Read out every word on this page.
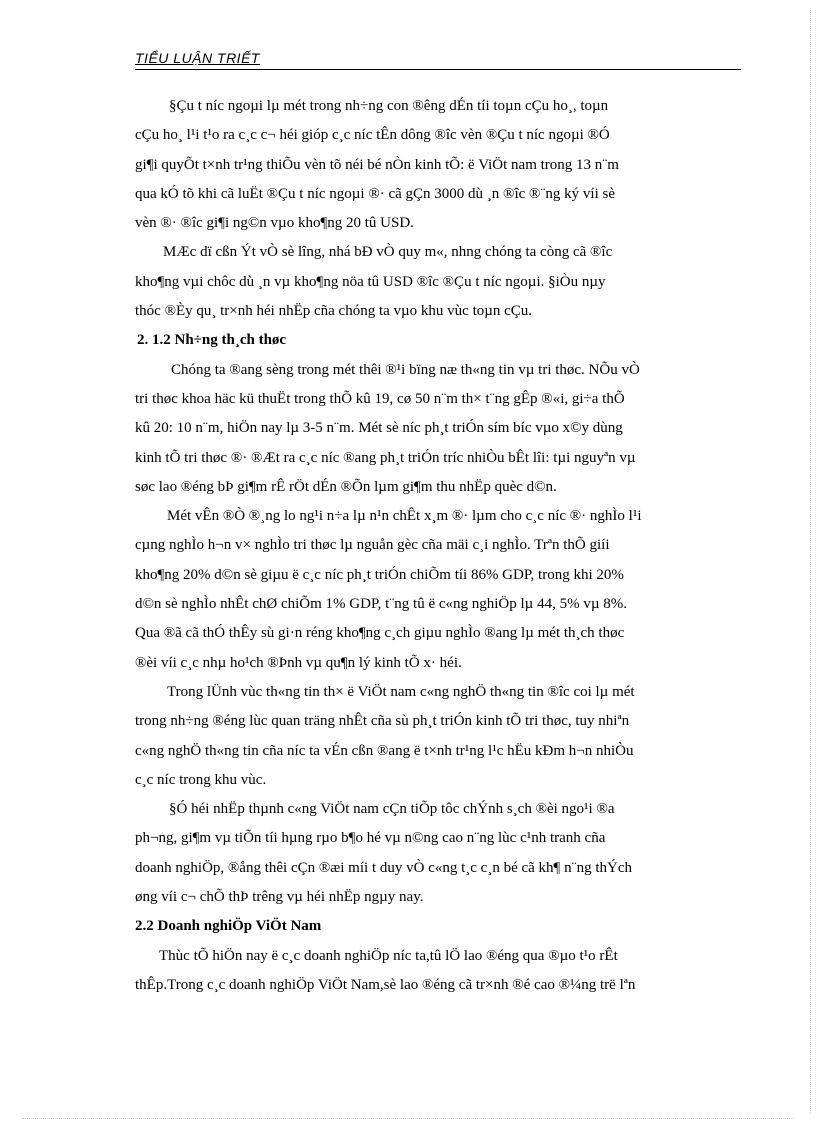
TIỂU LUẬN TRIẾT
§Çu t níc ngoµi lµ mét trong nh÷ng con ®êng dÉn tíi toµn cÇu ho¸, toµn
cÇu ho¸ l¹i t¹o ra c¸c c¬ héi gióp c¸c níc tÊn dông ®îc vèn ®Çu t níc ngoµi ®Ó
gi¶i quyÕt t×nh tr¹ng thiÕu vèn tõ néi bé nÒn kinh tÕ: ë ViÖt nam trong 13 n¨m
qua kÓ tõ khi cã luËt ®Çu t níc ngoµi ®· cã gÇn 3000 dù ¸n ®îc ®¨ng ký víi sè
vèn ®· ®îc gi¶i ng©n vµo kho¶ng 20 tû USD.
MÆc dï cßn Ýt vÒ sè lîng, nhá bÐ vÒ quy m«, nhng chóng ta còng cã ®îc
kho¶ng vµi chôc dù ¸n vµ kho¶ng nöa tû USD ®îc ®Çu t níc ngoµi. §iÒu nµy
thóc ®Èy qu¸ tr×nh héi nhËp cña chóng ta vµo khu vùc toµn cÇu.
2. 1.2 Nh÷ng th¸ch thøc
Chóng ta ®ang sèng trong mét thêi ®¹i bïng næ th«ng tin vµ tri thøc. NÕu vÒ
tri thøc khoa häc kü thuËt trong thÕ kû 19, cø 50 n¨m th× t¨ng gÊp ®«i, gi÷a thÕ
kû 20: 10 n¨m, hiÖn nay lµ 3-5 n¨m. Mét sè níc ph¸t triÓn sím bíc vµo x©y dùng
kinh tÕ tri thøc ®· ®Æt ra c¸c níc ®ang ph¸t triÓn tríc nhiÒu bÊt lîi: tµi nguyªn vµ
søc lao ®éng bÞ gi¶m rÊ rÖt dÉn ®Õn lµm gi¶m thu nhËp quèc d©n.
Mét vÊn ®Ò ®¸ng lo ng¹i n÷a lµ n¹n chÊt x¸m ®· lµm cho c¸c níc ®· nghÌo l¹i
cµng nghÌo h¬n v× nghÌo tri thøc lµ nguån gèc cña mäi c¸i nghÌo. Trªn thÕ giíi
kho¶ng 20% d©n sè giµu ë c¸c níc ph¸t triÓn chiÕm tíi 86% GDP, trong khi 20%
d©n sè nghÌo nhÊt chØ chiÕm 1% GDP, t¨ng tû ë c«ng nghiÖp lµ 44, 5% vµ 8%.
Qua ®ã cã thÓ thÊy sù gi·n réng kho¶ng c¸ch giµu nghÌo ®ang lµ mét th¸ch thøc
®èi víi c¸c nhµ ho¹ch ®Þnh vµ qu¶n lý kinh tÕ x· héi.
Trong lÜnh vùc th«ng tin th× ë ViÖt nam c«ng nghÖ th«ng tin ®îc coi lµ mét
trong nh÷ng ®éng lùc quan träng nhÊt cña sù ph¸t triÓn kinh tÕ tri thøc, tuy nhiªn
c«ng nghÖ th«ng tin cña níc ta vÉn cßn ®ang ë t×nh tr¹ng l¹c hËu kÐm h¬n nhiÒu
c¸c níc trong khu vùc.
§Ó héi nhËp thµnh c«ng ViÖt nam cÇn tiÕp tôc chÝnh s¸ch ®èi ngo¹i ®a
ph¬ng, gi¶m vµ tiÕn tíi hµng rµo b¶o hé vµ n©ng cao n¨ng lùc c¹nh tranh cña
doanh nghiÖp, ®ång thêi cÇn ®æi míi t duy vÒ c«ng t¸c c¸n bé cã kh¶ n¨ng thÝch
øng víi c¬ chÕ thÞ trêng vµ héi nhËp ngµy nay.
2.2 Doanh nghiÖp ViÖt Nam
Thùc tÕ hiÖn nay ë c¸c doanh nghiÖp níc ta,tû lÖ lao ®éng qua ®µo t¹o rÊt
thÊp.Trong c¸c doanh nghiÖp ViÖt Nam,sè lao ®éng cã tr×nh ®é cao ®¼ng trë lªn
